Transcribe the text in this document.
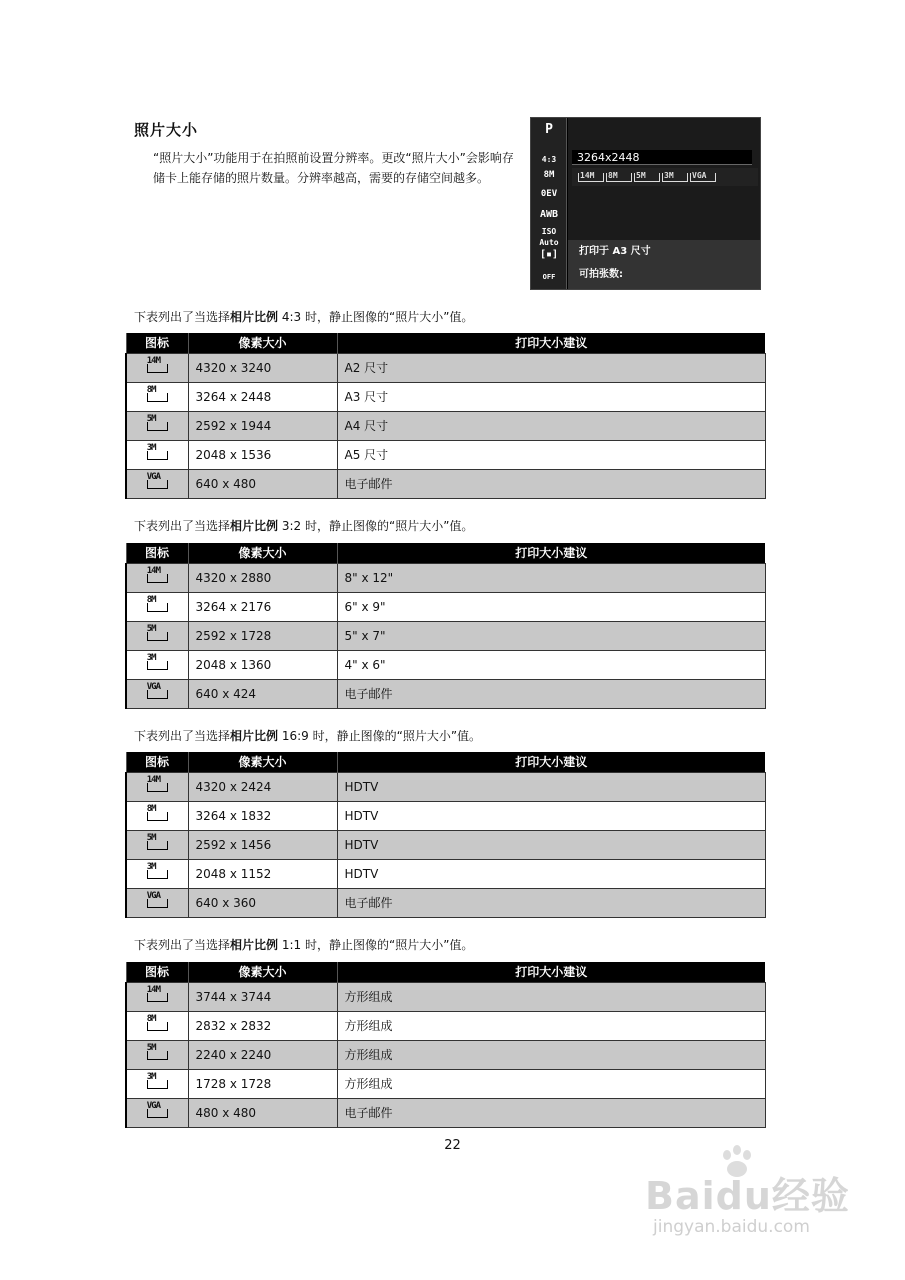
照片大小
“照片大小”功能用于在拍照前设置分辨率。更改“照片大小”会影响存储卡上能存储的照片数量。分辨率越高，需要的存储空间越多。
P
4:3
8M
0EV
AWB
ISO Auto
[▪]
OFF
3264x2448
14M	8M	5M	3M	VGA
打印于 A3 尺寸
可拍张数:
下表列出了当选择相片比例 4:3 时，静止图像的“照片大小”值。
图标	像素大小	打印大小建议

14M	4320 x 3240	A2 尺寸

8M	3264 x 2448	A3 尺寸

5M	2592 x 1944	A4 尺寸

3M	2048 x 1536	A5 尺寸

VGA	640 x 480	电子邮件
下表列出了当选择相片比例 3:2 时，静止图像的“照片大小”值。
图标	像素大小	打印大小建议

14M	4320 x 2880	8" x 12"

8M	3264 x 2176	6" x 9"

5M	2592 x 1728	5" x 7"

3M	2048 x 1360	4" x 6"

VGA	640 x 424	电子邮件
下表列出了当选择相片比例 16:9 时，静止图像的“照片大小”值。
图标	像素大小	打印大小建议

14M	4320 x 2424	HDTV

8M	3264 x 1832	HDTV

5M	2592 x 1456	HDTV

3M	2048 x 1152	HDTV

VGA	640 x 360	电子邮件
下表列出了当选择相片比例 1:1 时，静止图像的“照片大小”值。
图标	像素大小	打印大小建议

14M	3744 x 3744	方形组成

8M	2832 x 2832	方形组成

5M	2240 x 2240	方形组成

3M	1728 x 1728	方形组成

VGA	480 x 480	电子邮件
22
Baidu经验
jingyan.baidu.com
